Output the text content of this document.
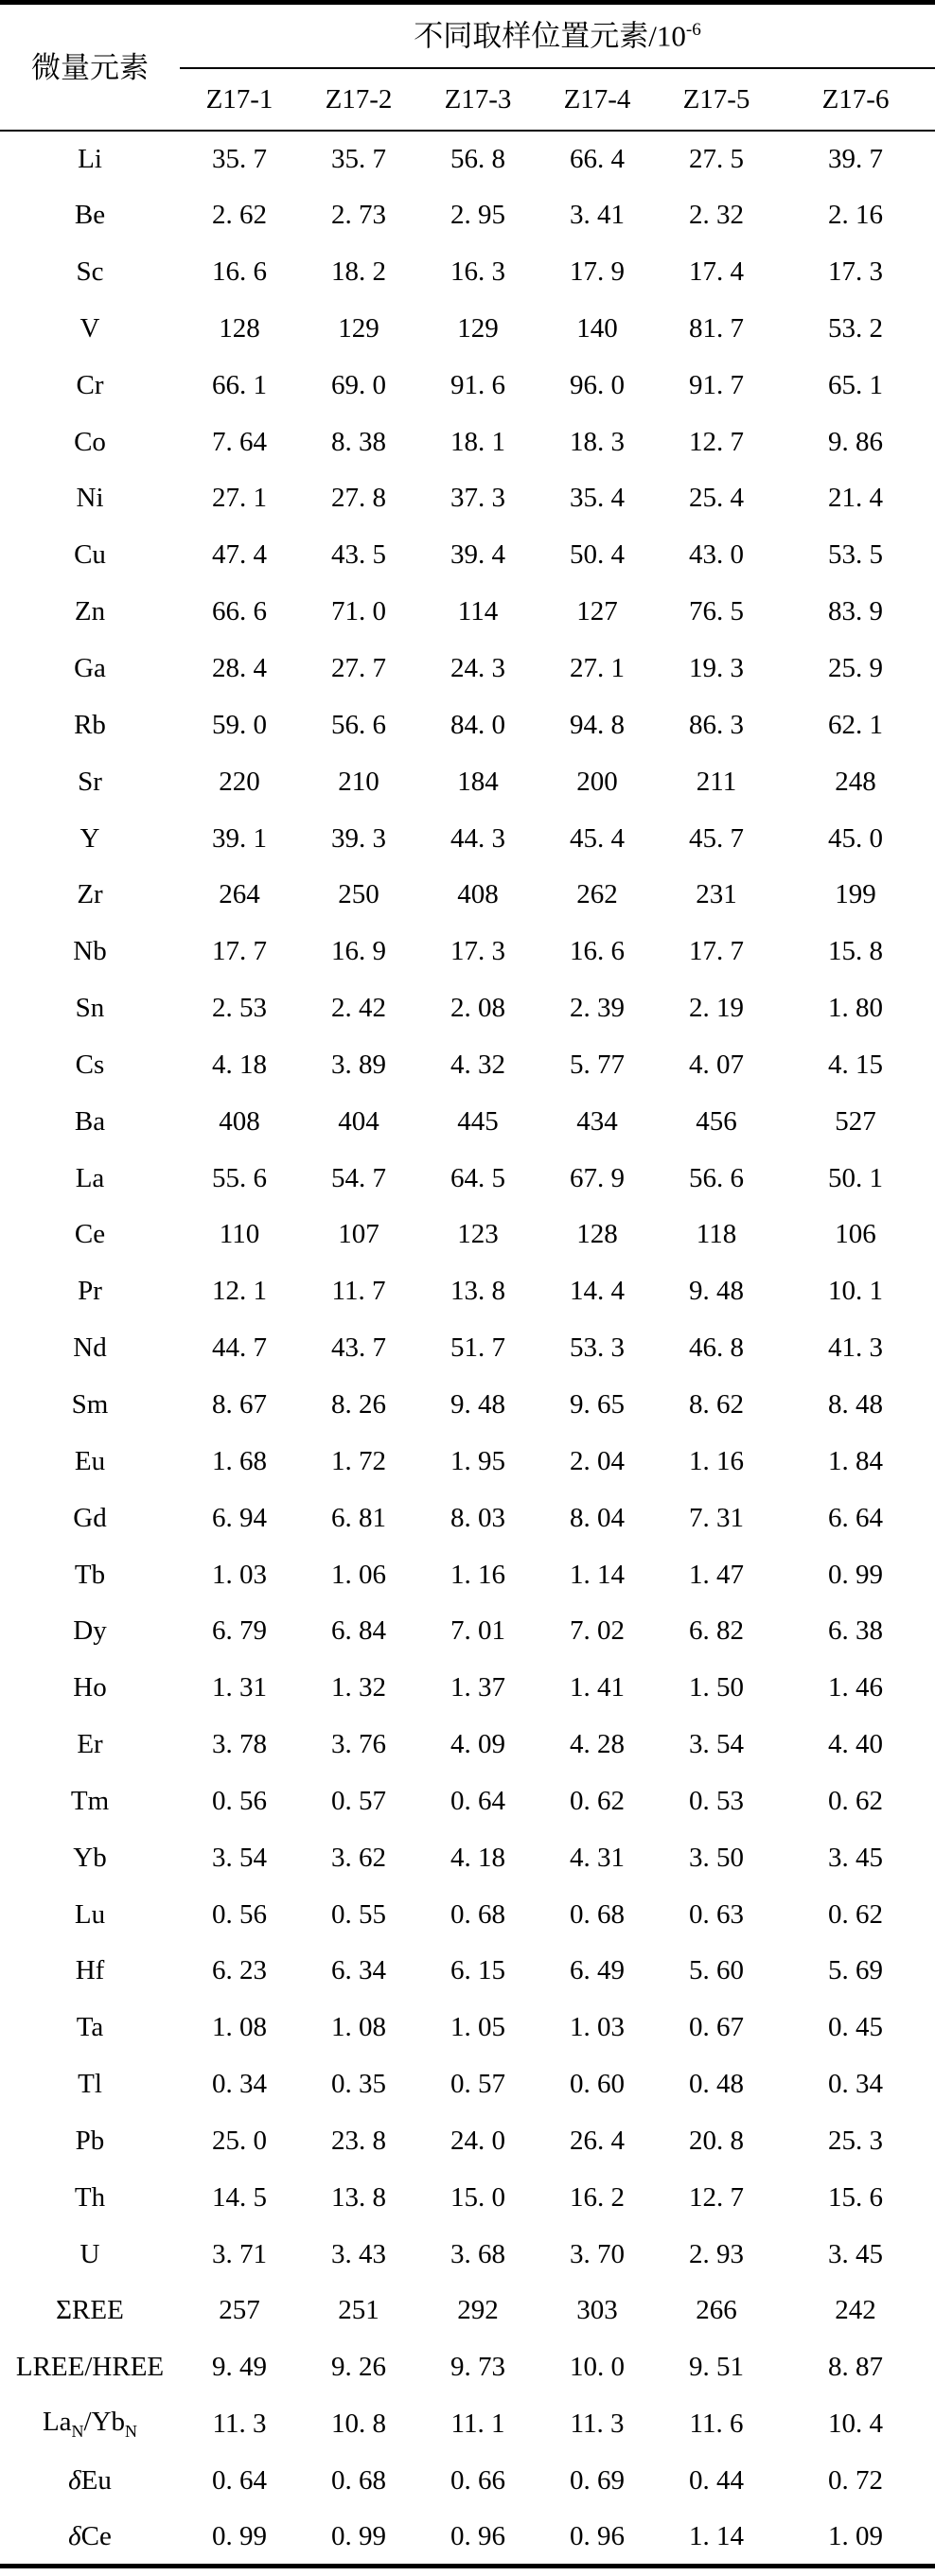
微量元素	不同取样位置元素$/10^{-6}$
	Z17-1	Z17-2	Z17-3	Z17-4	Z17-5	Z17-6
Li	35. 7	35. 7	56. 8	66. 4	27. 5	39. 7
Be	2. 62	2. 73	2. 95	3. 41	2. 32	2. 16
Sc	16. 6	18. 2	16. 3	17. 9	17. 4	17. 3
V	128	129	129	140	81. 7	53. 2
Cr	66. 1	69. 0	91. 6	96. 0	91. 7	65. 1
Co	7. 64	8. 38	18. 1	18. 3	12. 7	9. 86
Ni	27. 1	27. 8	37. 3	35. 4	25. 4	21. 4
Cu	47. 4	43. 5	39. 4	50. 4	43. 0	53. 5
Zn	66. 6	71. 0	114	127	76. 5	83. 9
Ga	28. 4	27. 7	24. 3	27. 1	19. 3	25. 9
Rb	59. 0	56. 6	84. 0	94. 8	86. 3	62. 1
Sr	220	210	184	200	211	248
Y	39. 1	39. 3	44. 3	45. 4	45. 7	45. 0
Zr	264	250	408	262	231	199
Nb	17. 7	16. 9	17. 3	16. 6	17. 7	15. 8
Sn	2. 53	2. 42	2. 08	2. 39	2. 19	1. 80
Cs	4. 18	3. 89	4. 32	5. 77	4. 07	4. 15
Ba	408	404	445	434	456	527
La	55. 6	54. 7	64. 5	67. 9	56. 6	50. 1
Ce	110	107	123	128	118	106
Pr	12. 1	11. 7	13. 8	14. 4	9. 48	10. 1
Nd	44. 7	43. 7	51. 7	53. 3	46. 8	41. 3
Sm	8. 67	8. 26	9. 48	9. 65	8. 62	8. 48
Eu	1. 68	1. 72	1. 95	2. 04	1. 16	1. 84
Gd	6. 94	6. 81	8. 03	8. 04	7. 31	6. 64
Tb	1. 03	1. 06	1. 16	1. 14	1. 47	0. 99
Dy	6. 79	6. 84	7. 01	7. 02	6. 82	6. 38
Ho	1. 31	1. 32	1. 37	1. 41	1. 50	1. 46
Er	3. 78	3. 76	4. 09	4. 28	3. 54	4. 40
Tm	0. 56	0. 57	0. 64	0. 62	0. 53	0. 62
Yb	3. 54	3. 62	4. 18	4. 31	3. 50	3. 45
Lu	0. 56	0. 55	0. 68	0. 68	0. 63	0. 62
Hf	6. 23	6. 34	6. 15	6. 49	5. 60	5. 69
Ta	1. 08	1. 08	1. 05	1. 03	0. 67	0. 45
Tl	0. 34	0. 35	0. 57	0. 60	0. 48	0. 34
Pb	25. 0	23. 8	24. 0	26. 4	20. 8	25. 3
Th	14. 5	13. 8	15. 0	16. 2	12. 7	15. 6
U	3. 71	3. 43	3. 68	3. 70	2. 93	3. 45
ΣREE	257	251	292	303	266	242
LREE/HREE	9. 49	9. 26	9. 73	10. 0	9. 51	8. 87
$La_N/Yb_N$	11. 3	10. 8	11. 1	11. 3	11. 6	10. 4
δEu	0. 64	0. 68	0. 66	0. 69	0. 44	0. 72
δCe	0. 99	0. 99	0. 96	0. 96	1. 14	1. 09
